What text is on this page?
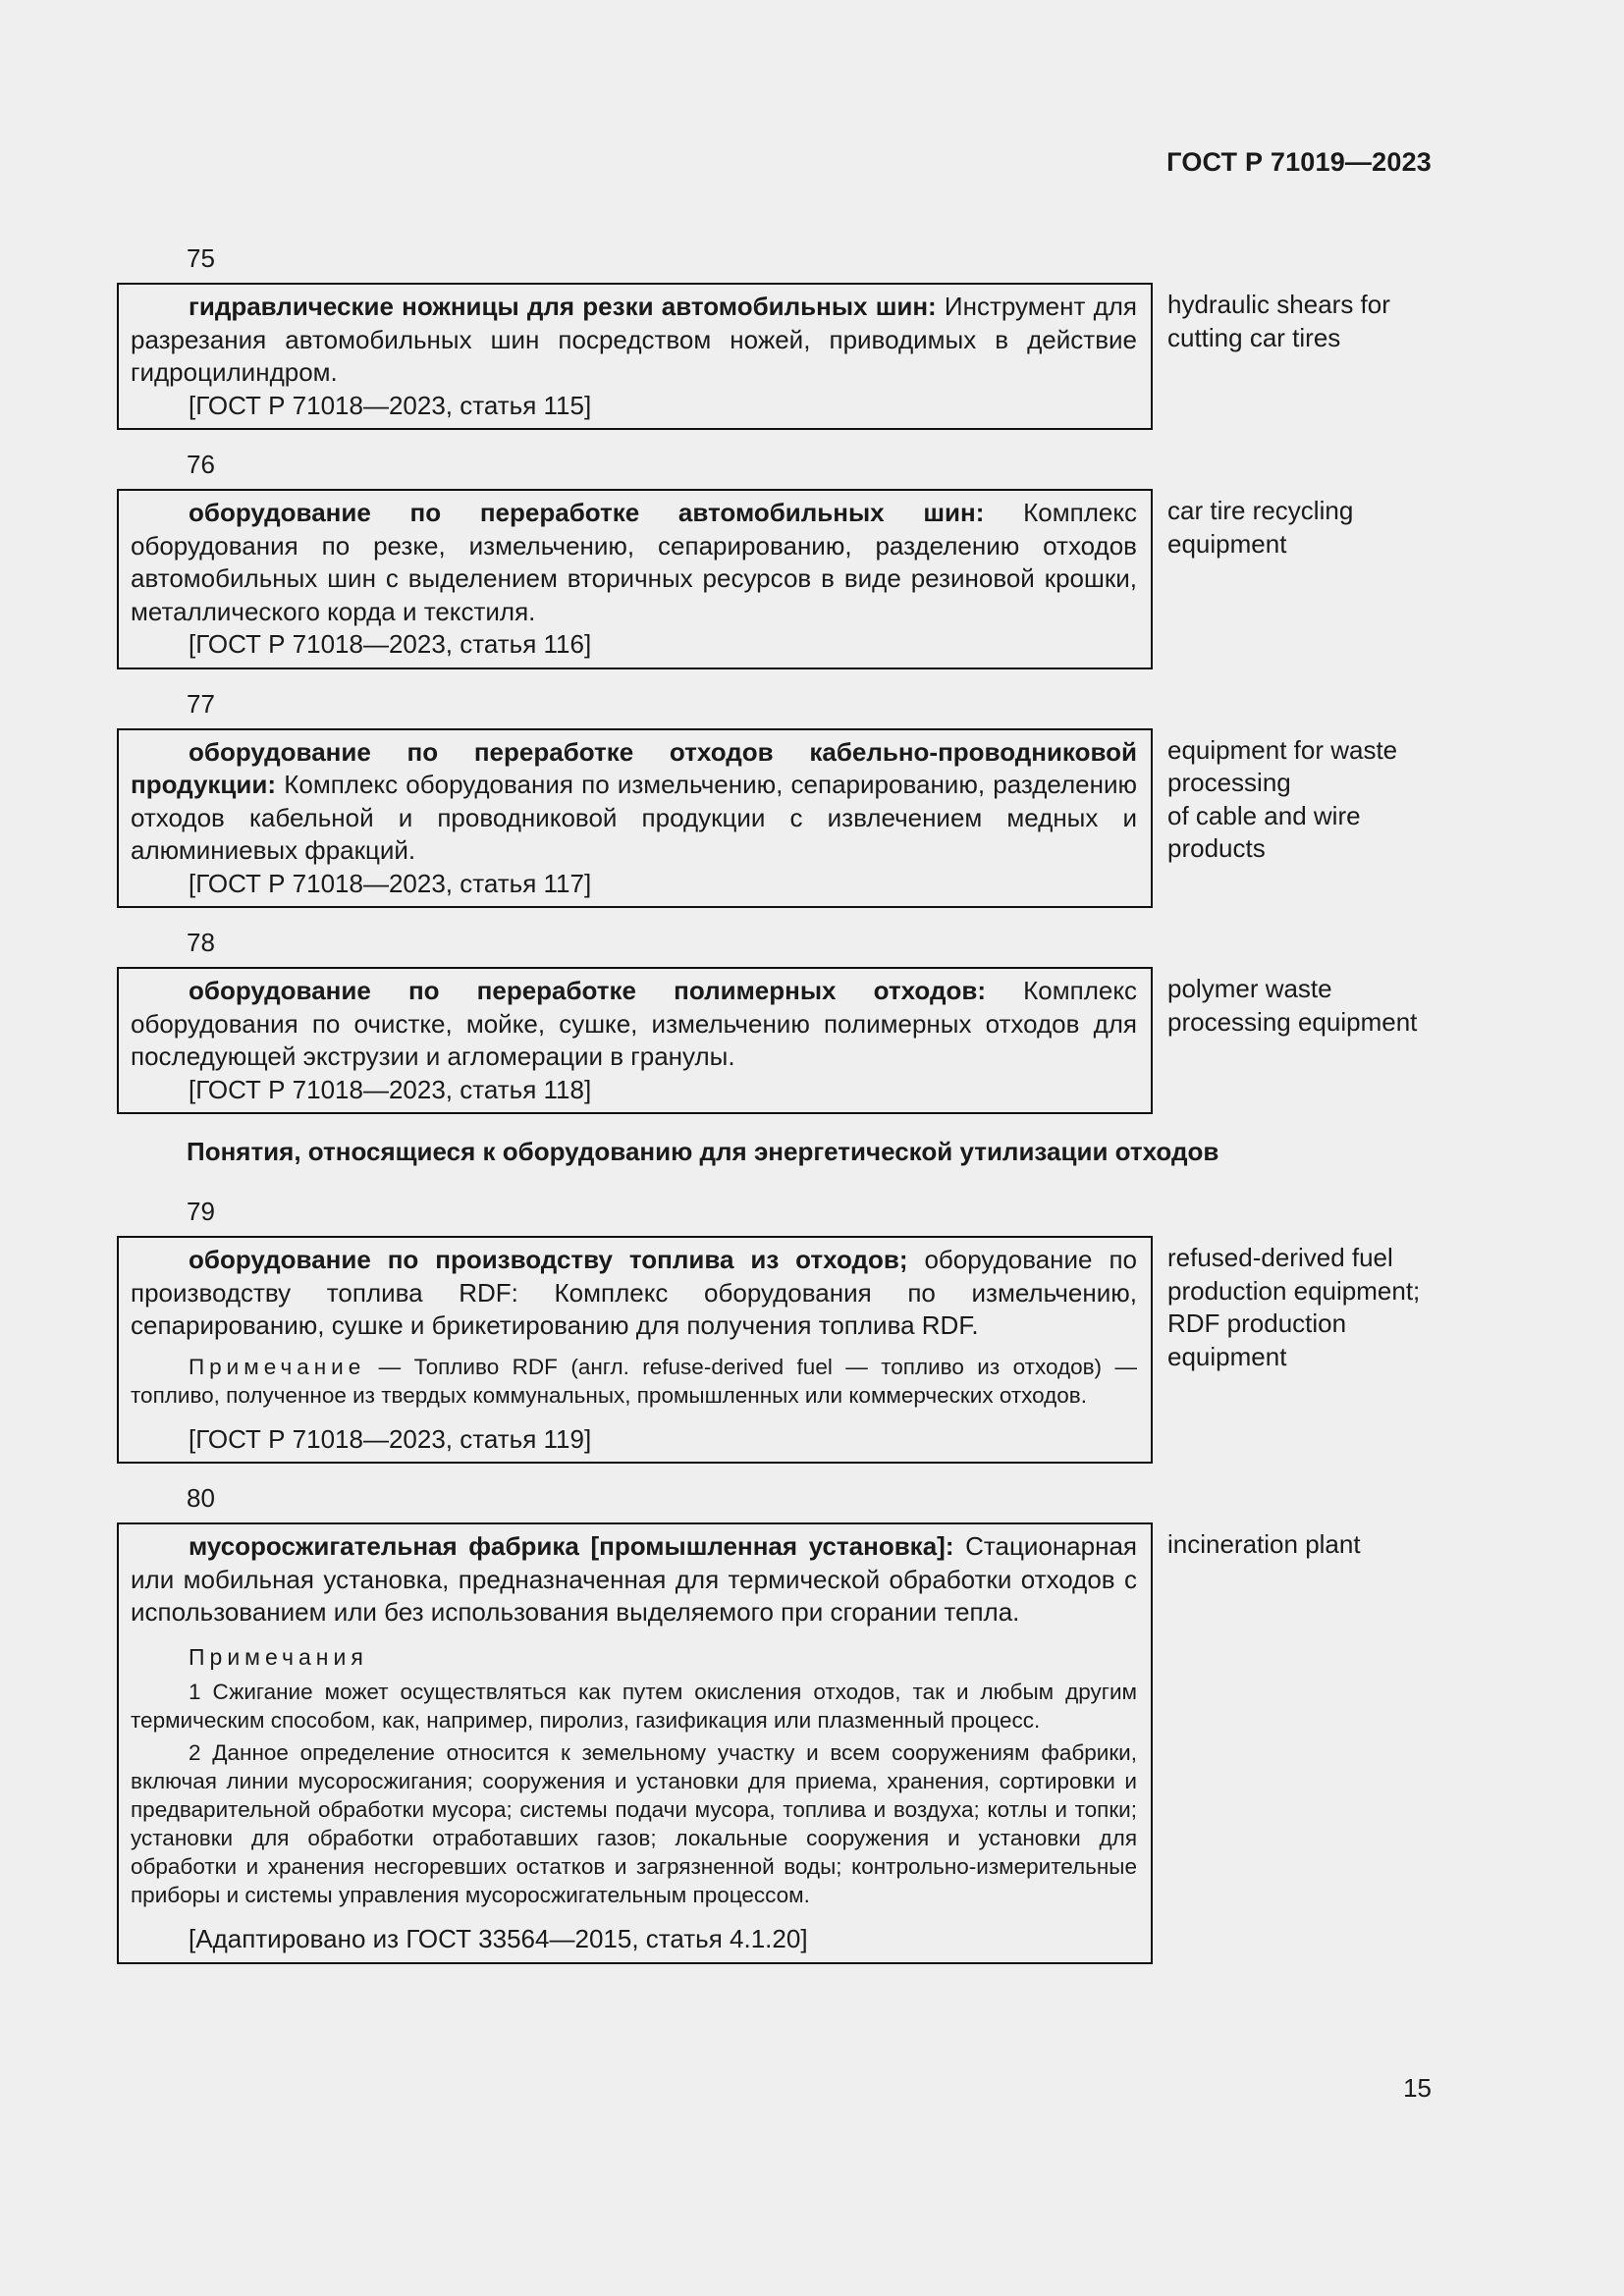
ГОСТ Р 71019—2023
75

гидравлические ножницы для резки автомобильных шин: Инструмент для разрезания автомобильных шин посредством ножей, приводимых в действие гидроцилиндром.

[ГОСТ Р 71018—2023, статья 115]

hydraulic shears for cutting car tires
76

оборудование по переработке автомобильных шин: Комплекс оборудования по резке, измельчению, сепарированию, разделению отходов автомобильных шин с выделением вторичных ресурсов в виде резиновой крошки, металлического корда и текстиля.

[ГОСТ Р 71018—2023, статья 116]

car tire recycling equipment
77

оборудование по переработке отходов кабельно-проводниковой продукции: Комплекс оборудования по измельчению, сепарированию, разделению отходов кабельной и проводниковой продукции с извлечением медных и алюминиевых фракций.

[ГОСТ Р 71018—2023, статья 117]

equipment for waste processing
of cable and wire products
78

оборудование по переработке полимерных отходов: Комплекс оборудования по очистке, мойке, сушке, измельчению полимерных отходов для последующей экструзии и агломерации в гранулы.

[ГОСТ Р 71018—2023, статья 118]

polymer waste processing equipment
Понятия, относящиеся к оборудованию для энергетической утилизации отходов
79

оборудование по производству топлива из отходов; оборудование по производству топлива RDF: Комплекс оборудования по измельчению, сепарированию, сушке и брикетированию для получения топлива RDF.

Примечание — Топливо RDF (англ. refuse-derived fuel — топливо из отходов) — топливо, полученное из твердых коммунальных, промышленных или коммерческих отходов.

[ГОСТ Р 71018—2023, статья 119]

refused-derived fuel production equipment;
RDF production equipment
80

мусоросжигательная фабрика [промышленная установка]: Стационарная или мобильная установка, предназначенная для термической обработки отходов с использованием или без использования выделяемого при сгорании тепла.

Примечания

1 Сжигание может осуществляться как путем окисления отходов, так и любым другим термическим способом, как, например, пиролиз, газификация или плазменный процесс.

2 Данное определение относится к земельному участку и всем сооружениям фабрики, включая линии мусоросжигания; сооружения и установки для приема, хранения, сортировки и предварительной обработки мусора; системы подачи мусора, топлива и воздуха; котлы и топки; установки для обработки отработавших газов; локальные сооружения и установки для обработки и хранения несгоревших остатков и загрязненной воды; контрольно-измерительные приборы и системы управления мусоросжигательным процессом.

[Адаптировано из ГОСТ 33564—2015, статья 4.1.20]

incineration plant
15
